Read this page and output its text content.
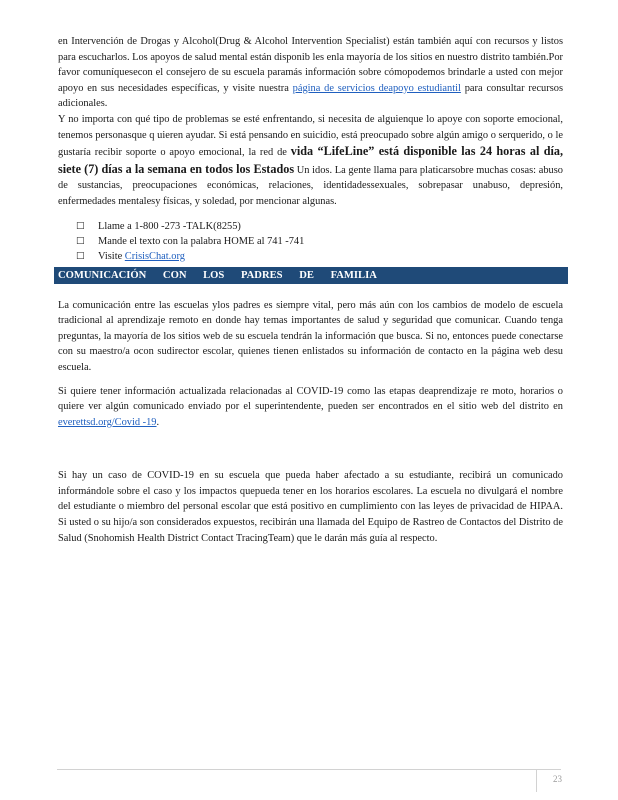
en Intervención de Drogas y Alcohol(Drug & Alcohol Intervention Specialist) están también aquí con recursos y listos para escucharlos. Los apoyos de salud mental están disponib les enla mayoría de los sitios en nuestro distrito también.Por favor comuníquesecon el consejero de su escuela paramás información sobre cómopodemos brindarle a usted con mejor apoyo en sus necesidades específicas, y visite nuestra página de servicios deapoyo estudiantil para consultar recursos adicionales.

Y no importa con qué tipo de problemas se esté enfrentando, si necesita de alguienque lo apoye con soporte emocional, tenemos personasque q uieren ayudar. Si está pensando en suicidio, está preocupado sobre algún amigo o serquerido, o le gustaría recibir soporte o apoyo emocional, la red de vida “LifeLine” está disponible las 24 horas al día, siete (7) días a la semana en todos los Estados Un idos. La gente llama para platicarsobre muchas cosas: abuso de sustancias, preocupaciones económicas, relaciones, identidadessexuales, sobrepasar unabuso, depresión, enfermedades mentalesy físicas, y soledad, por mencionar algunas.

□ Llame a 1-800 -273 -TALK(8255)
□ Mande el texto con la palabra HOME al 741 -741
□ Visite CrisisChat.org
COMUNICACIÓN CON LOS PADRES DE FAMILIA

La comunicación entre las escuelas ylos padres es siempre vital, pero más aún con los cambios de modelo de escuela tradicional al aprendizaje remoto en donde hay temas importantes de salud y seguridad que comunicar. Cuando tenga preguntas, la mayoría de los sitios web de su escuela tendrán la información que busca. Si no, entonces puede conectarse con su maestro/a ocon sudirector escolar, quienes tienen enlistados su información de contacto en la página web desu escuela.

Si quiere tener información actualizada relacionadas al COVID-19 como las etapas deaprendizaje re moto, horarios o quiere ver algún comunicado enviado por el superintendente, pueden ser encontrados en el sitio web del distrito en everettsd.org/Covid -19.

Si hay un caso de COVID-19 en su escuela que pueda haber afectado a su estudiante, recibirá un comunicado informándole sobre el caso y los impactos quepueda tener en los horarios escolares. La escuela no divulgará el nombre del estudiante o miembro del personal escolar que está positivo en cumplimiento con las leyes de privacidad de HIPAA. Si usted o su hijo/a son considerados expuestos, recibirán una llamada del Equipo de Rastreo de Contactos del Distrito de Salud (Snohomish Health District Contact TracingTeam) que le darán más guía al respecto.

23
